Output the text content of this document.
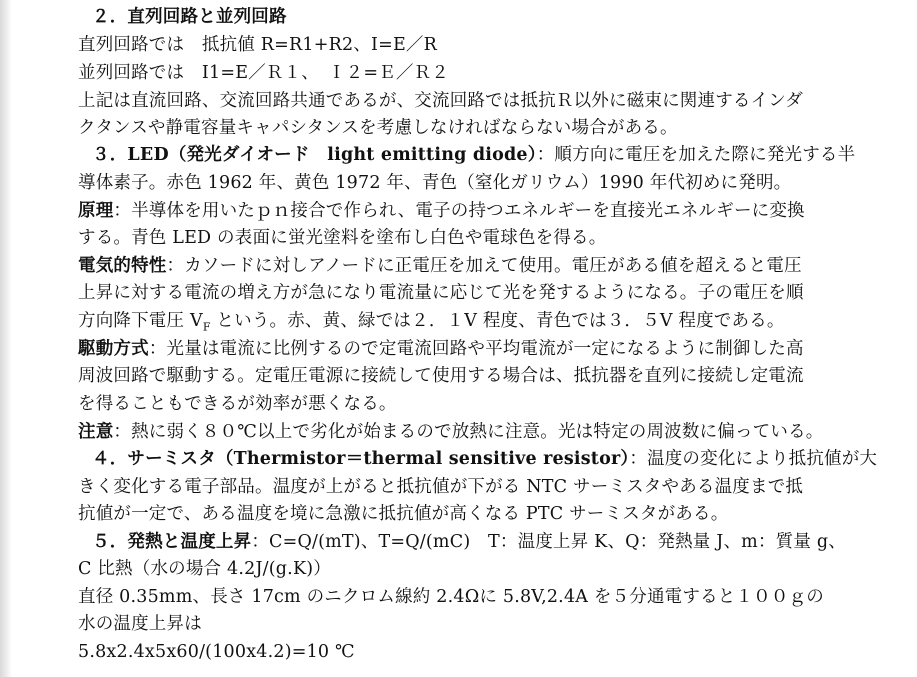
２．直列回路と並列回路
直列回路では　抵抗値 R=R1+R2、I=E／R
並列回路では　I1=E／Ｒ１、　Ｉ２=Ｅ／Ｒ２
上記は直流回路、交流回路共通であるが、交流回路では抵抗Ｒ以外に磁束に関連するインダ
クタンスや静電容量キャパシタンスを考慮しなければならない場合がある。
３．LED（発光ダイオード　light emitting diode）：順方向に電圧を加えた際に発光する半
導体素子。赤色 1962 年、黄色 1972 年、青色（窒化ガリウム）1990 年代初めに発明。
原理：半導体を用いたｐｎ接合で作られ、電子の持つエネルギーを直接光エネルギーに変換
する。青色 LED の表面に蛍光塗料を塗布し白色や電球色を得る。
電気的特性：カソードに対しアノードに正電圧を加えて使用。電圧がある値を超えると電圧
上昇に対する電流の増え方が急になり電流量に応じて光を発するようになる。子の電圧を順
方向降下電圧 $V_F$ という。赤、黄、緑では２．１V 程度、青色では３．５V 程度である。
駆動方式：光量は電流に比例するので定電流回路や平均電流が一定になるように制御した高
周波回路で駆動する。定電圧電源に接続して使用する場合は、抵抗器を直列に接続し定電流
を得ることもできるが効率が悪くなる。
注意：熱に弱く８０℃以上で劣化が始まるので放熱に注意。光は特定の周波数に偏っている。
４．サーミスタ（Thermistor＝thermal sensitive resistor）：温度の変化により抵抗値が大
きく変化する電子部品。温度が上がると抵抗値が下がる NTC サーミスタやある温度まで抵
抗値が一定で、ある温度を境に急激に抵抗値が高くなる PTC サーミスタがある。
５．発熱と温度上昇：C=Q/(mT)、T=Q/(mC)　T：温度上昇 K、Q：発熱量 J、m：質量 g、
C 比熱（水の場合 4.2J/(g.K)）
直径 0.35mm、長さ 17cm のニクロム線約 2.4Ωに 5.8V,2.4A を５分通電すると１００ｇの
水の温度上昇は
5.8x2.4x5x60/(100x4.2)=10 ℃
